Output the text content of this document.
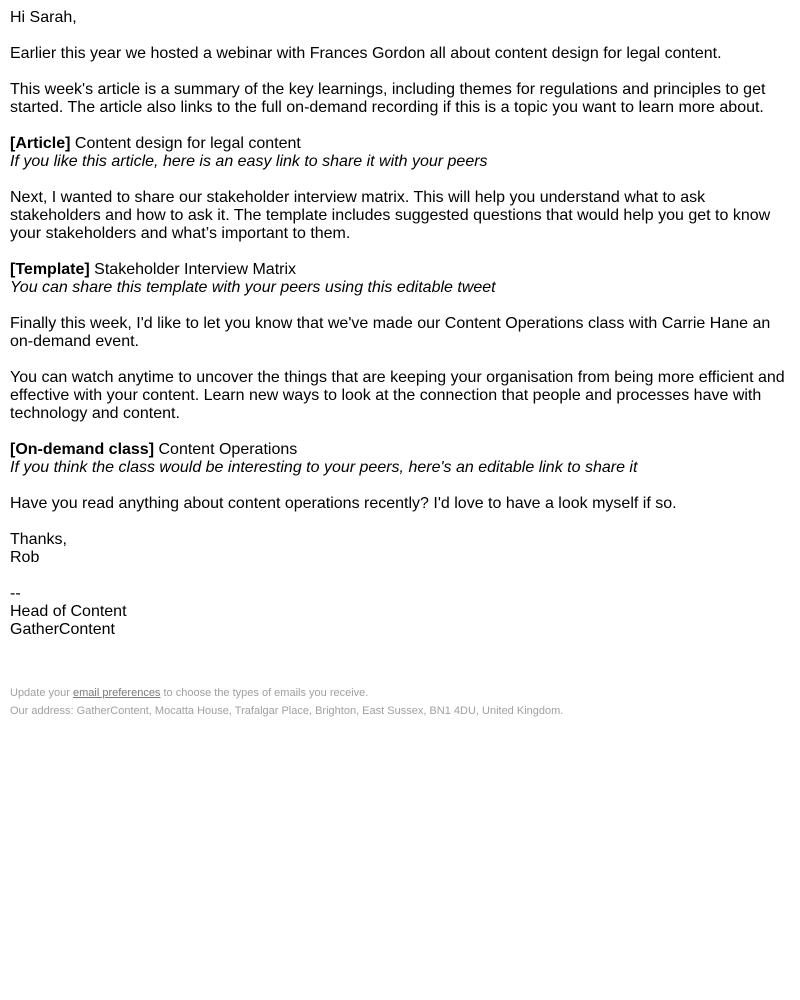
Hi Sarah,

Earlier this year we hosted a webinar with Frances Gordon all about content design for legal content.

This week's article is a summary of the key learnings, including themes for regulations and principles to get started. The article also links to the full on-demand recording if this is a topic you want to learn more about.

[Article] Content design for legal content

If you like this article, here is an easy link to share it with your peers

Next, I wanted to share our stakeholder interview matrix. This will help you understand what to ask stakeholders and how to ask it. The template includes suggested questions that would help you get to know your stakeholders and what’s important to them.

[Template] Stakeholder Interview Matrix

You can share this template with your peers using this editable tweet

Finally this week, I'd like to let you know that we've made our Content Operations class with Carrie Hane an on-demand event.

You can watch anytime to uncover the things that are keeping your organisation from being more efficient and effective with your content. Learn new ways to look at the connection that people and processes have with technology and content.

[On-demand class] Content Operations

If you think the class would be interesting to your peers, here's an editable link to share it

Have you read anything about content operations recently? I'd love to have a look myself if so.

Thanks,
Rob

--
Head of Content
GatherContent

Update your email preferences to choose the types of emails you receive.

Our address: GatherContent, Mocatta House, Trafalgar Place, Brighton, East Sussex, BN1 4DU, United Kingdom.
